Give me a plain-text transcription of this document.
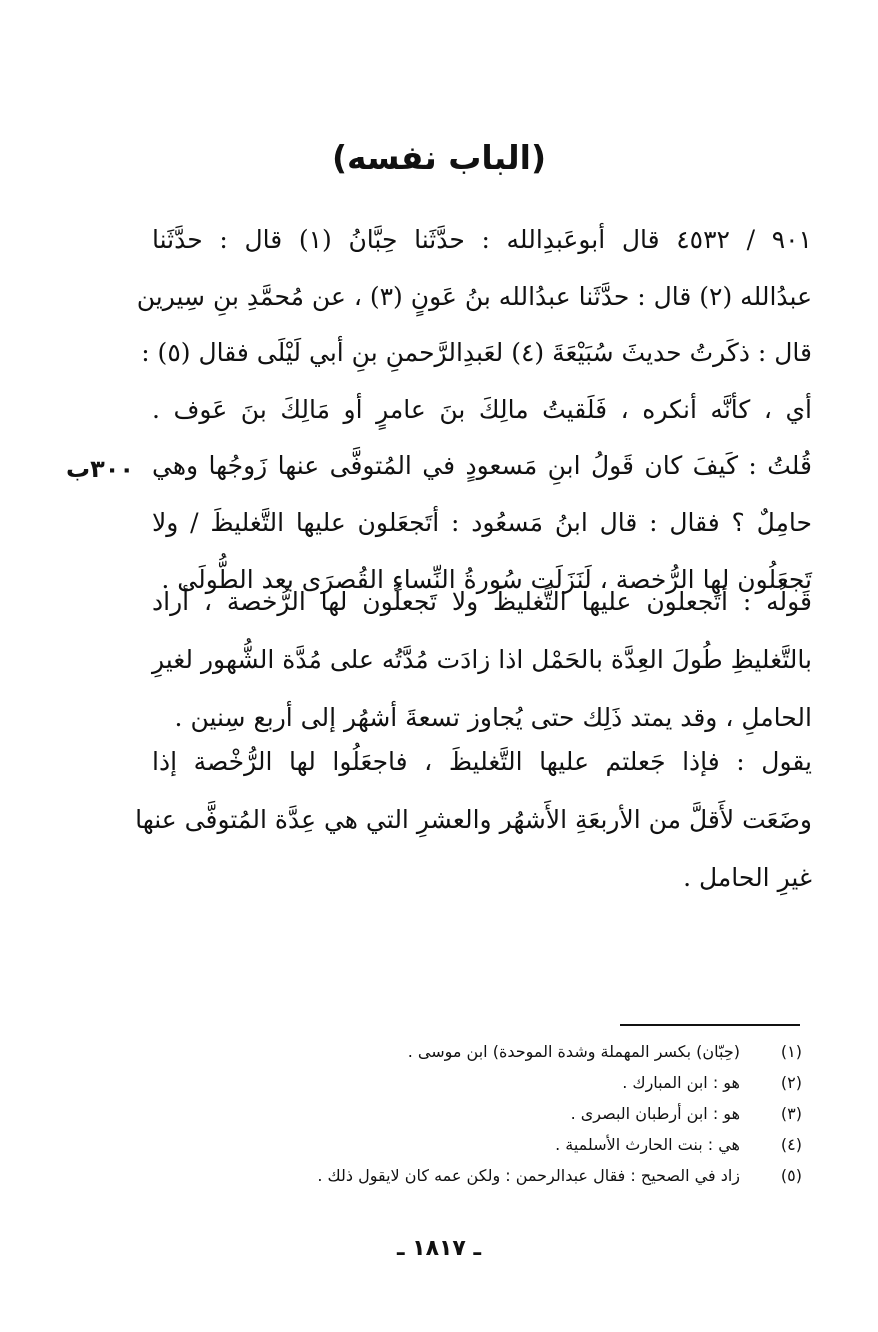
(الباب نفسه)
٩٠١ / ٤٥٣٢ قال أبوعَبدِالله : حدَّثَنا حِبَّانُ (١) قال : حدَّثَنا
عبدُالله (٢) قال : حدَّثَنا عبدُالله بنُ عَونٍ (٣) ، عن مُحمَّدِ بنِ سِيرين
قال : ذكَرتُ حديثَ سُبَيْعَةَ (٤) لعَبدِالرَّحمنِ بنِ أبي لَيْلَى فقال (٥) :
أي ، كأنَّه أنكره ، فَلَقيتُ مالِكَ بنَ عامرٍ أو مَالِكَ بنَ عَوف .
قُلتُ : كَيفَ كان قَولُ ابنِ مَسعودٍ في المُتوفَّى عنها زَوجُها وهي
حامِلٌ ؟ فقال : قال ابنُ مَسعُود : أتَجعَلون عليها التَّغليظَ / ولا
تَجعَلُون لها الرُّخصة ، لَنَزَلَت سُورةُ النِّساءِ القُصرَى بعد الطُّولَى .
٣٠٠ب
قَولُه : أتَجعلون عليها التَّغليظَ ولا تَجعلُون لها الرُّخصة ، أراد
بالتَّغليظِ طُولَ العِدَّة بالحَمْل اذا زادَت مُدَّتُه على مُدَّة الشُّهور لغيرِ
الحاملِ ، وقد يمتد ذَلِك حتى يُجاوز تسعةَ أشهُر إلى أربع سِنين .
يقول : فإذا جَعلتم عليها التَّغليظَ ، فاجعَلُوا لها الرُّخْصة إذا
وضَعَت لأَقلَّ من الأربعَةِ الأَشهُر والعشرِ التي هي عِدَّة المُتوفَّى عنها
غيرِ الحامل .
(١)
(حِبّان) بكسر المهملة وشدة الموحدة) ابن موسى .
(٢)
هو : ابن المبارك .
(٣)
هو : ابن أرطبان البصرى .
(٤)
هي : بنت الحارث الأسلمية .
(٥)
زاد في الصحيح : فقال عبدالرحمن : ولكن عمه كان لايقول ذلك .
ـ ١٨١٧ ـ
